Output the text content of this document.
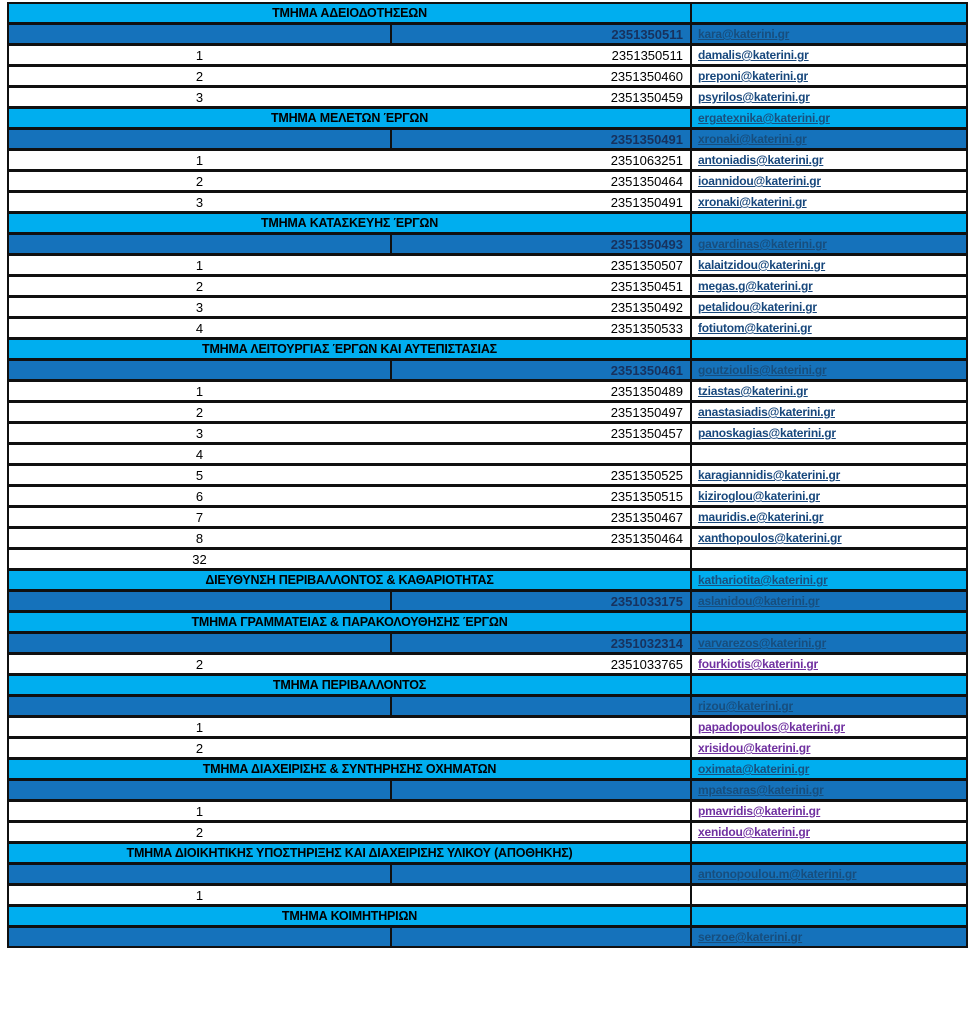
ΤΜΗΜΑ ΑΔΕΙΟΔΟΤΗΣΕΩΝ
2351350511	kara@katerini.gr
1	2351350511	damalis@katerini.gr
2	2351350460	preponi@katerini.gr
3	2351350459	psyrilos@katerini.gr
ΤΜΗΜΑ ΜΕΛΕΤΩΝ ΈΡΓΩΝ	ergatexnika@katerini.gr
2351350491	xronaki@katerini.gr
1	2351063251	antoniadis@katerini.gr
2	2351350464	ioannidou@katerini.gr
3	2351350491	xronaki@katerini.gr
ΤΜΗΜΑ ΚΑΤΑΣΚΕΥΗΣ ΈΡΓΩΝ
2351350493	gavardinas@katerini.gr
1	2351350507	kalaitzidou@katerini.gr
2	2351350451	megas.g@katerini.gr
3	2351350492	petalidou@katerini.gr
4	2351350533	fotiutom@katerini.gr
ΤΜΗΜΑ ΛΕΙΤΟΥΡΓΙΑΣ ΈΡΓΩΝ ΚΑΙ ΑΥΤΕΠΙΣΤΑΣΙΑΣ
2351350461	goutzioulis@katerini.gr
1	2351350489	tziastas@katerini.gr
2	2351350497	anastasiadis@katerini.gr
3	2351350457	panoskagias@katerini.gr
4
5	2351350525	karagiannidis@katerini.gr
6	2351350515	kiziroglou@katerini.gr
7	2351350467	mauridis.e@katerini.gr
8	2351350464	xanthopoulos@katerini.gr
32
ΔΙΕΥΘΥΝΣΗ ΠΕΡΙΒΑΛΛΟΝΤΟΣ & ΚΑΘΑΡΙΟΤΗΤΑΣ	kathariotita@katerini.gr
2351033175	aslanidou@katerini.gr
ΤΜΗΜΑ ΓΡΑΜΜΑΤΕΙΑΣ & ΠΑΡΑΚΟΛΟΥΘΗΣΗΣ ΈΡΓΩΝ
2351032314	varvarezos@katerini.gr
2	2351033765	fourkiotis@katerini.gr
ΤΜΗΜΑ ΠΕΡΙΒΑΛΛΟΝΤΟΣ
rizou@katerini.gr
1	papadopoulos@katerini.gr
2	xrisidou@katerini.gr
ΤΜΗΜΑ ΔΙΑΧΕΙΡΙΣΗΣ & ΣΥΝΤΗΡΗΣΗΣ ΟΧΗΜΑΤΩΝ	oximata@katerini.gr
mpatsaras@katerini.gr
1	pmavridis@katerini.gr
2	xenidou@katerini.gr
ΤΜΗΜΑ ΔΙΟΙΚΗΤΙΚΗΣ ΥΠΟΣΤΗΡΙΞΗΣ ΚΑΙ ΔΙΑΧΕΙΡΙΣΗΣ ΥΛΙΚΟΥ (ΑΠΟΘΗΚΗΣ)
antonopoulou.m@katerini.gr
1
ΤΜΗΜΑ ΚΟΙΜΗΤΗΡΙΩΝ
serzoe@katerini.gr
